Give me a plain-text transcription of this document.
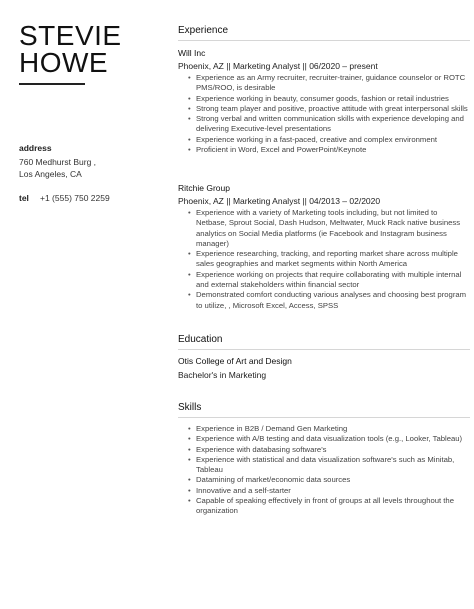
STEVIE
HOWE
address
760 Medhurst Burg ,
Los Angeles, CA
tel +1 (555) 750 2259
Experience
Will Inc
Phoenix, AZ || Marketing Analyst || 06/2020 – present
• Experience as an Army recruiter, recruiter-trainer, guidance counselor or ROTC PMS/ROO, is desirable
• Experience working in beauty, consumer goods, fashion or retail industries
• Strong team player and positive, proactive attitude with great interpersonal skills
• Strong verbal and written communication skills with experience developing and delivering Executive-level presentations
• Experience working in a fast-paced, creative and complex environment
• Proficient in Word, Excel and PowerPoint/Keynote
Ritchie Group
Phoenix, AZ || Marketing Analyst || 04/2013 – 02/2020
• Experience with a variety of Marketing tools including, but not limited to Netbase, Sprout Social, Dash Hudson, Meltwater, Muck Rack native business analytics on Social Media platforms (ie Facebook and Instagram business manager)
• Experience researching, tracking, and reporting market share across multiple sales geographies and market segments within North America
• Experience working on projects that require collaborating with multiple internal and external stakeholders within financial sector
• Demonstrated comfort conducting various analyses and choosing best program to utilize, , Microsoft Excel, Access, SPSS
Education
Otis College of Art and Design
Bachelor's in Marketing
Skills
• Experience in B2B / Demand Gen Marketing
• Experience with A/B testing and data visualization tools (e.g., Looker, Tableau)
• Experience with databasing software's
• Experience with statistical and data visualization software's such as Minitab, Tableau
• Datamining of market/economic data sources
• Innovative and a self-starter
• Capable of speaking effectively in front of groups at all levels throughout the organization
